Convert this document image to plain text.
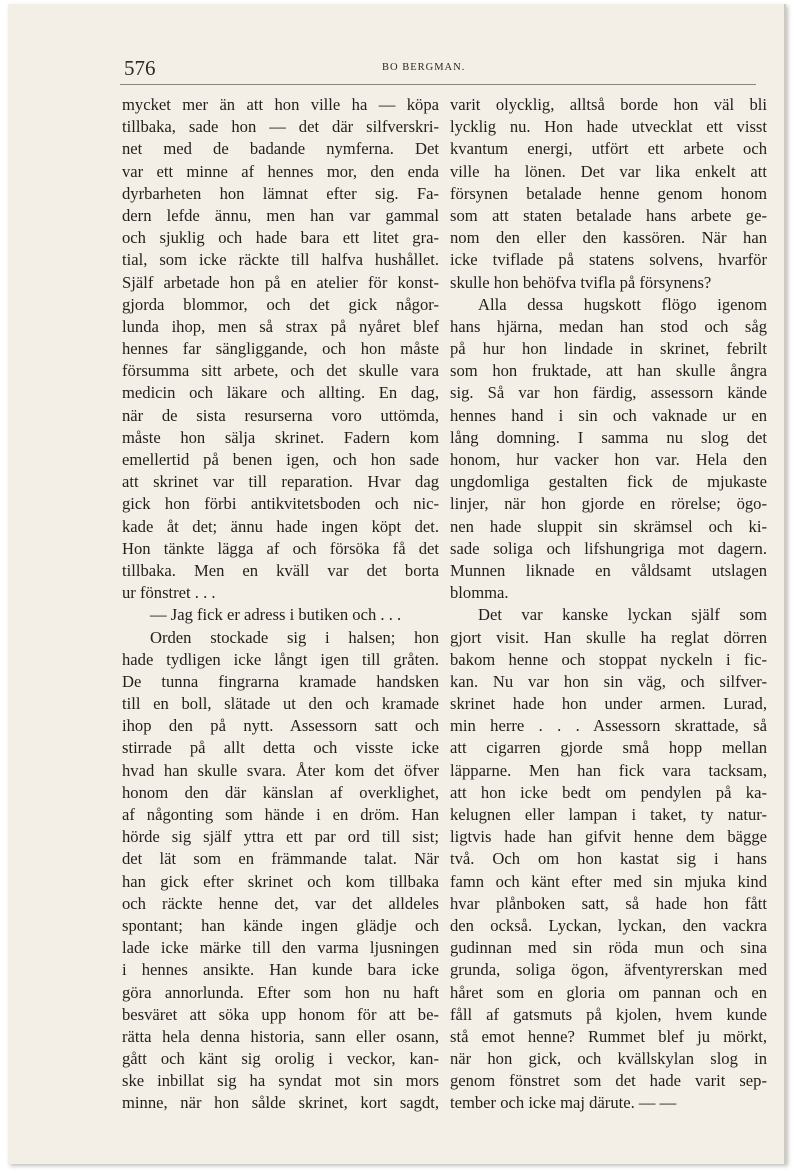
576	BO BERGMAN.
mycket mer än att hon ville ha — köpa
tillbaka, sade hon — det där silfverskri-
net med de badande nymferna. Det
var ett minne af hennes mor, den enda
dyrbarheten hon lämnat efter sig. Fa-
dern lefde ännu, men han var gammal
och sjuklig och hade bara ett litet gra-
tial, som icke räckte till halfva hushållet.
Själf arbetade hon på en atelier för konst-
gjorda blommor, och det gick någor-
lunda ihop, men så strax på nyåret blef
hennes far sängliggande, och hon måste
försumma sitt arbete, och det skulle vara
medicin och läkare och allting. En dag,
när de sista resurserna voro uttömda,
måste hon sälja skrinet. Fadern kom
emellertid på benen igen, och hon sade
att skrinet var till reparation. Hvar dag
gick hon förbi antikvitetsboden och nic-
kade åt det; ännu hade ingen köpt det.
Hon tänkte lägga af och försöka få det
tillbaka. Men en kväll var det borta
ur fönstret . . .
— Jag fick er adress i butiken och . . .
Orden stockade sig i halsen; hon
hade tydligen icke långt igen till gråten.
De tunna fingrarna kramade handsken
till en boll, slätade ut den och kramade
ihop den på nytt. Assessorn satt och
stirrade på allt detta och visste icke
hvad han skulle svara. Åter kom det öfver
honom den där känslan af overklighet,
af någonting som hände i en dröm. Han
hörde sig själf yttra ett par ord till sist;
det lät som en främmande talat. När
han gick efter skrinet och kom tillbaka
och räckte henne det, var det alldeles
spontant; han kände ingen glädje och
lade icke märke till den varma ljusningen
i hennes ansikte. Han kunde bara icke
göra annorlunda. Efter som hon nu haft
besväret att söka upp honom för att be-
rätta hela denna historia, sann eller osann,
gått och känt sig orolig i veckor, kan-
ske inbillat sig ha syndat mot sin mors
minne, när hon sålde skrinet, kort sagdt,
varit olycklig, alltså borde hon väl bli
lycklig nu. Hon hade utvecklat ett visst
kvantum energi, utfört ett arbete och
ville ha lönen. Det var lika enkelt att
försynen betalade henne genom honom
som att staten betalade hans arbete ge-
nom den eller den kassören. När han
icke tviflade på statens solvens, hvarför
skulle hon behöfva tvifla på försynens?
Alla dessa hugskott flögo igenom
hans hjärna, medan han stod och såg
på hur hon lindade in skrinet, febrilt
som hon fruktade, att han skulle ångra
sig. Så var hon färdig, assessorn kände
hennes hand i sin och vaknade ur en
lång domning. I samma nu slog det
honom, hur vacker hon var. Hela den
ungdomliga gestalten fick de mjukaste
linjer, när hon gjorde en rörelse; ögo-
nen hade sluppit sin skrämsel och ki-
sade soliga och lifshungriga mot dagern.
Munnen liknade en våldsamt utslagen
blomma.
Det var kanske lyckan själf som
gjort visit. Han skulle ha reglat dörren
bakom henne och stoppat nyckeln i fic-
kan. Nu var hon sin väg, och silfver-
skrinet hade hon under armen. Lurad,
min herre . . . Assessorn skrattade, så
att cigarren gjorde små hopp mellan
läpparne. Men han fick vara tacksam,
att hon icke bedt om pendylen på ka-
kelugnen eller lampan i taket, ty natur-
ligtvis hade han gifvit henne dem bägge
två. Och om hon kastat sig i hans
famn och känt efter med sin mjuka kind
hvar plånboken satt, så hade hon fått
den också. Lyckan, lyckan, den vackra
gudinnan med sin röda mun och sina
grunda, soliga ögon, äfventyrerskan med
håret som en gloria om pannan och en
fåll af gatsmuts på kjolen, hvem kunde
stå emot henne? Rummet blef ju mörkt,
när hon gick, och kvällskylan slog in
genom fönstret som det hade varit sep-
tember och icke maj därute. — —
